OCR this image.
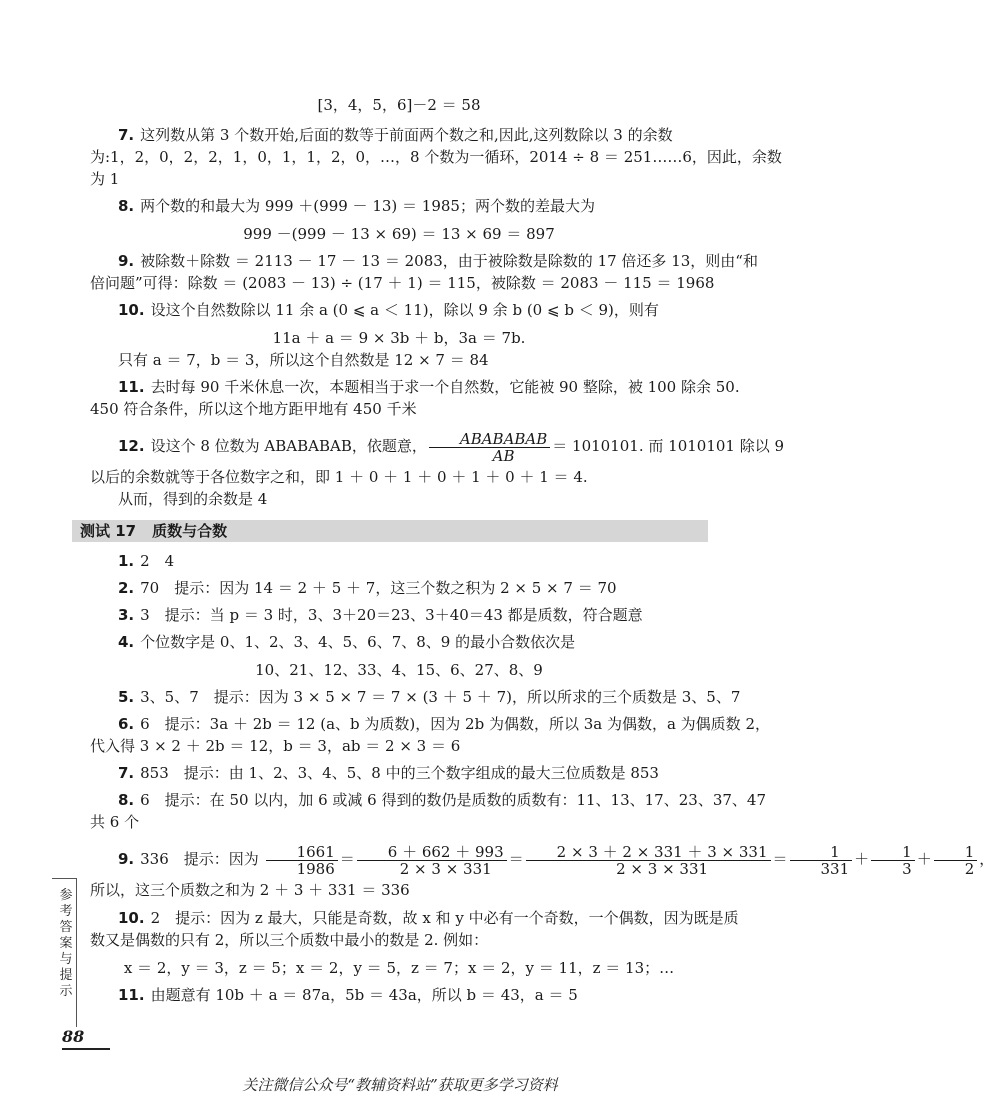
[3，4，5，6]－2 ＝ 58
7. 这列数从第 3 个数开始,后面的数等于前面两个数之和,因此,这列数除以 3 的余数
为:1，2，0，2，2，1，0，1，1，2，0，…，8 个数为一循环，2014 ÷ 8 ＝ 251……6，因此，余数
为 1
8. 两个数的和最大为 999 ＋(999 － 13) ＝ 1985；两个数的差最大为
999 －(999 － 13 × 69) ＝ 13 × 69 ＝ 897
9. 被除数＋除数 ＝ 2113 － 17 － 13 ＝ 2083，由于被除数是除数的 17 倍还多 13，则由“和
倍问题”可得：除数 ＝ (2083 － 13) ÷ (17 ＋ 1) ＝ 115，被除数 ＝ 2083 － 115 ＝ 1968
10. 设这个自然数除以 11 余 a (0 ⩽ a ＜ 11)，除以 9 余 b (0 ⩽ b ＜ 9)，则有
11a ＋ a ＝ 9 × 3b ＋ b，3a ＝ 7b.
只有 a ＝ 7，b ＝ 3，所以这个自然数是 12 × 7 ＝ 84
11. 去时每 90 千米休息一次，本题相当于求一个自然数，它能被 90 整除，被 100 除余 50.
450 符合条件，所以这个地方距甲地有 450 千米
12. 设这个 8 位数为 ABABABAB，依题意， $\frac{\text{ABABABAB}}{AB} = 1010101$. 而 1010101 除以 9
以后的余数就等于各位数字之和，即 1 ＋ 0 ＋ 1 ＋ 0 ＋ 1 ＋ 0 ＋ 1 ＝ 4.
从而，得到的余数是 4
测试 17 质数与合数
1. 2　4
2. 70　提示：因为 14 ＝ 2 ＋ 5 ＋ 7，这三个数之积为 2 × 5 × 7 ＝ 70
3. 3　提示：当 p ＝ 3 时，3、3＋20＝23、3＋40＝43 都是质数，符合题意
4. 个位数字是 0、1、2、3、4、5、6、7、8、9 的最小合数依次是
10、21、12、33、4、15、6、27、8、9
5. 3、5、7　提示：因为 3 × 5 × 7 ＝ 7 × (3 ＋ 5 ＋ 7)，所以所求的三个质数是 3、5、7
6. 6　提示：3a ＋ 2b ＝ 12 (a、b 为质数)，因为 2b 为偶数，所以 3a 为偶数，a 为偶质数 2，
代入得 3 × 2 ＋ 2b ＝ 12，b ＝ 3，ab ＝ 2 × 3 ＝ 6
7. 853　提示：由 1、2、3、4、5、8 中的三个数字组成的最大三位质数是 853
8. 6　提示：在 50 以内，加 6 或减 6 得到的数仍是质数的质数有：11、13、17、23、37、47
共 6 个
9. 336　提示：因为 $\frac{1661}{1986} = \frac{6 + 662 + 993}{2 \times 3 \times 331} = \frac{2 \times 3 + 2 \times 331 + 3 \times 331}{2 \times 3 \times 331} = \frac{1}{331} + \frac{1}{3} + \frac{1}{2}$ ，
所以，这三个质数之和为 2 ＋ 3 ＋ 331 ＝ 336
10. 2　提示：因为 z 最大，只能是奇数，故 x 和 y 中必有一个奇数，一个偶数，因为既是质
数又是偶数的只有 2，所以三个质数中最小的数是 2. 例如：
x ＝ 2，y ＝ 3，z ＝ 5；x ＝ 2，y ＝ 5，z ＝ 7；x ＝ 2，y ＝ 11，z ＝ 13；…
11. 由题意有 10b ＋ a ＝ 87a，5b ＝ 43a，所以 b ＝ 43，a ＝ 5
参考答案与提示
88
关注微信公众号“教辅资料站”获取更多学习资料
